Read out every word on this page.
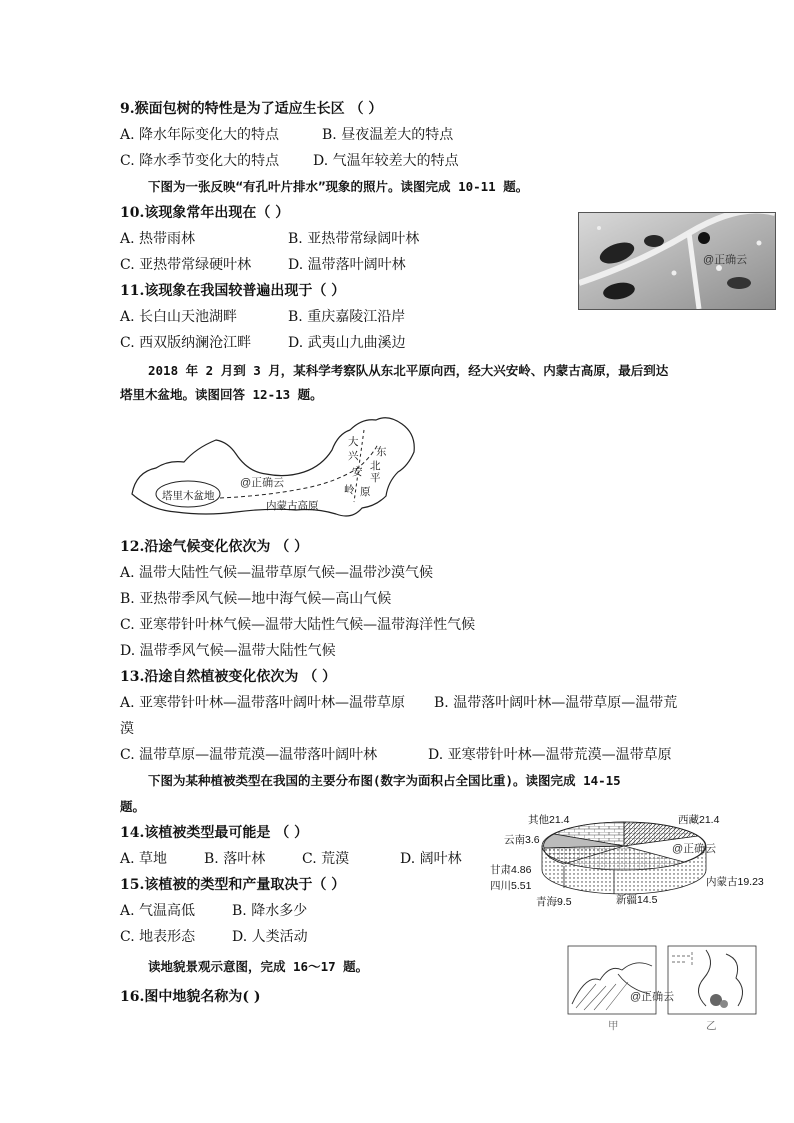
9.猴面包树的特性是为了适应生长区 （ ）
A. 降水年际变化大的特点	B. 昼夜温差大的特点
C. 降水季节变化大的特点 D. 气温年较差大的特点
下图为一张反映“有孔叶片排水”现象的照片。读图完成 10-11 题。
10.该现象常年出现在（ ）
A. 热带雨林	B. 亚热带常绿阔叶林
C. 亚热带常绿硬叶林	D. 温带落叶阔叶林	@正确云
11.该现象在我国较普遍出现于（ ）
A. 长白山天池湖畔	B. 重庆嘉陵江沿岸
C. 西双版纳澜沧江畔	D. 武夷山九曲溪边
2018 年 2 月到 3 月，某科学考察队从东北平原向西，经大兴安岭、内蒙古高原，最后到达
塔里木盆地。读图回答 12-13 题。
塔里木盆地
内蒙古高原
@正确云
大
兴
安
岭
东
北
平
原
12.沿途气候变化依次为 （ ）
A. 温带大陆性气候—温带草原气候—温带沙漠气候
B. 亚热带季风气候—地中海气候—高山气候
C. 亚寒带针叶林气候—温带大陆性气候—温带海洋性气候
D. 温带季风气候—温带大陆性气候
13.沿途自然植被变化依次为 （ ）
A. 亚寒带针叶林—温带落叶阔叶林—温带草原 B. 温带落叶阔叶林—温带草原—温带荒
漠
C. 温带草原—温带荒漠—温带落叶阔叶林	D. 亚寒带针叶林—温带荒漠—温带草原
下图为某种植被类型在我国的主要分布图(数字为面积占全国比重)。读图完成 14-15
题。
14.该植被类型最可能是 （ ）
A. 草地	B. 落叶林	C. 荒漠	D. 阔叶林
15.该植被的类型和产量取决于（ ）
A. 气温高低	B. 降水多少
C. 地表形态	D. 人类活动
其他21.4	西藏21.4
云南3.6
@正确云
甘肃4.86
四川5.51	内蒙古19.23
青海9.5	新疆14.5
读地貌景观示意图，完成 16～17 题。
16.图中地貌名称为( )	@正确云
甲	乙
